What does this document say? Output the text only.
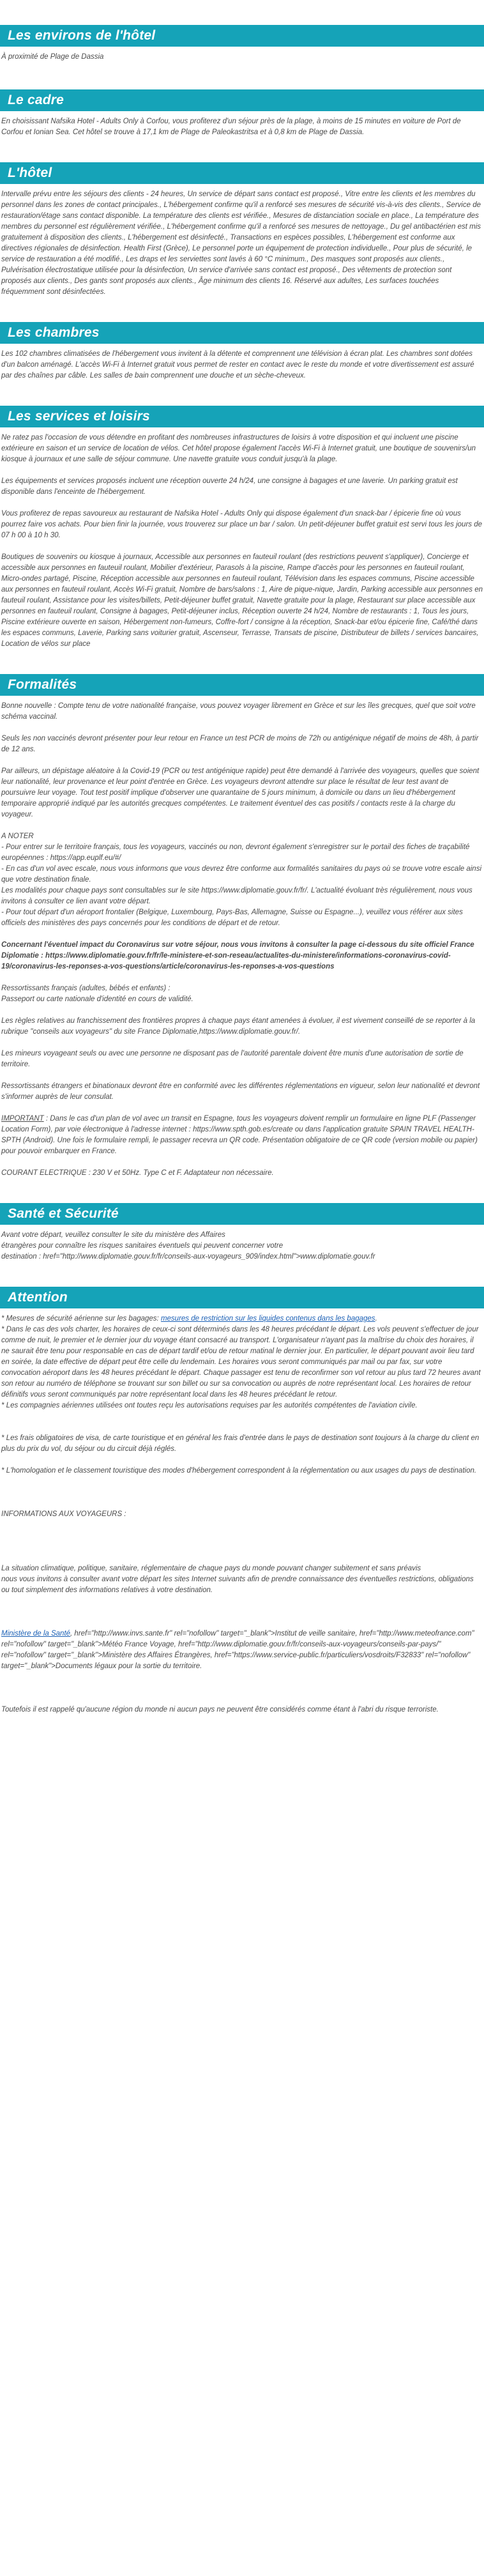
Les environs de l'hôtel

À proximité de Plage de Dassia

Le cadre

En choisissant Nafsika Hotel - Adults Only à Corfou, vous profiterez d'un séjour près de la plage, à moins de 15 minutes en voiture de Port de Corfou et Ionian Sea. Cet hôtel se trouve à 17,1 km de Plage de Paleokastritsa et à 0,8 km de Plage de Dassia.

L'hôtel

Intervalle prévu entre les séjours des clients - 24 heures, Un service de départ sans contact est proposé., Vitre entre les clients et les membres du personnel dans les zones de contact principales., L'hébergement confirme qu'il a renforcé ses mesures de sécurité vis-à-vis des clients., Service de restauration/étage sans contact disponible. La température des clients est vérifiée., Mesures de distanciation sociale en place., La température des membres du personnel est régulièrement vérifiée., L'hébergement confirme qu'il a renforcé ses mesures de nettoyage., Du gel antibactérien est mis gratuitement à disposition des clients., L'hébergement est désinfecté., Transactions en espèces possibles, L'hébergement est conforme aux directives régionales de désinfection. Health First (Grèce), Le personnel porte un équipement de protection individuelle., Pour plus de sécurité, le service de restauration a été modifié., Les draps et les serviettes sont lavés à 60 °C minimum., Des masques sont proposés aux clients., Pulvérisation électrostatique utilisée pour la désinfection, Un service d'arrivée sans contact est proposé., Des vêtements de protection sont proposés aux clients., Des gants sont proposés aux clients., Âge minimum des clients 16. Réservé aux adultes, Les surfaces touchées fréquemment sont désinfectées.

Les chambres

Les 102 chambres climatisées de l'hébergement vous invitent à la détente et comprennent une télévision à écran plat. Les chambres sont dotées d'un balcon aménagé. L'accès Wi-Fi à Internet gratuit vous permet de rester en contact avec le reste du monde et votre divertissement est assuré par des chaînes par câble. Les salles de bain comprennent une douche et un sèche-cheveux.

Les services et loisirs

Ne ratez pas l'occasion de vous détendre en profitant des nombreuses infrastructures de loisirs à votre disposition et qui incluent une piscine extérieure en saison et un service de location de vélos. Cet hôtel propose également l'accès Wi-Fi à Internet gratuit, une boutique de souvenirs/un kiosque à journaux et une salle de séjour commune. Une navette gratuite vous conduit jusqu'à la plage.

Les équipements et services proposés incluent une réception ouverte 24 h/24, une consigne à bagages et une laverie. Un parking gratuit est disponible dans l'enceinte de l'hébergement.

Vous profiterez de repas savoureux au restaurant de Nafsika Hotel - Adults Only qui dispose également d'un snack-bar / épicerie fine où vous pourrez faire vos achats. Pour bien finir la journée, vous trouverez sur place un bar / salon. Un petit-déjeuner buffet gratuit est servi tous les jours de 07 h 00 à 10 h 30.

Boutiques de souvenirs ou kiosque à journaux, Accessible aux personnes en fauteuil roulant (des restrictions peuvent s'appliquer), Concierge et accessible aux personnes en fauteuil roulant, Mobilier d'extérieur, Parasols à la piscine, Rampe d'accès pour les personnes en fauteuil roulant, Micro-ondes partagé, Piscine, Réception accessible aux personnes en fauteuil roulant, Télévision dans les espaces communs, Piscine accessible aux personnes en fauteuil roulant, Accès Wi-Fi gratuit, Nombre de bars/salons : 1, Aire de pique-nique, Jardin, Parking accessible aux personnes en fauteuil roulant, Assistance pour les visites/billets, Petit-déjeuner buffet gratuit, Navette gratuite pour la plage, Restaurant sur place accessible aux personnes en fauteuil roulant, Consigne à bagages, Petit-déjeuner inclus, Réception ouverte 24 h/24, Nombre de restaurants : 1, Tous les jours, Piscine extérieure ouverte en saison, Hébergement non-fumeurs, Coffre-fort / consigne à la réception, Snack-bar et/ou épicerie fine, Café/thé dans les espaces communs, Laverie, Parking sans voiturier gratuit, Ascenseur, Terrasse, Transats de piscine, Distributeur de billets / services bancaires, Location de vélos sur place

Formalités

Bonne nouvelle : Compte tenu de votre nationalité française, vous pouvez voyager librement en Grèce et sur les îles grecques, quel que soit votre schéma vaccinal.

Seuls les non vaccinés devront présenter pour leur retour en France un test PCR de moins de 72h ou antigénique négatif de moins de 48h, à partir de 12 ans.

Par ailleurs, un dépistage aléatoire à la Covid-19 (PCR ou test antigénique rapide) peut être demandé à l'arrivée des voyageurs, quelles que soient leur nationalité, leur provenance et leur point d'entrée en Grèce. Les voyageurs devront attendre sur place le résultat de leur test avant de poursuivre leur voyage. Tout test positif implique d'observer une quarantaine de 5 jours minimum, à domicile ou dans un lieu d'hébergement temporaire approprié indiqué par les autorités grecques compétentes. Le traitement éventuel des cas positifs / contacts reste à la charge du voyageur.

A NOTER

- Pour entrer sur le territoire français, tous les voyageurs, vaccinés ou non, devront également s'enregistrer sur le portail des fiches de traçabilité européennes : https://app.euplf.eu/#/

- En cas d'un vol avec escale, nous vous informons que vous devrez être conforme aux formalités sanitaires du pays où se trouve votre escale ainsi que votre destination finale.

Les modalités pour chaque pays sont consultables sur le site https://www.diplomatie.gouv.fr/fr/. L'actualité évoluant très régulièrement, nous vous invitons à consulter ce lien avant votre départ.

- Pour tout départ d'un aéroport frontalier (Belgique, Luxembourg, Pays-Bas, Allemagne, Suisse ou Espagne...), veuillez vous référer aux sites officiels des ministères des pays concernés pour les conditions de départ et de retour.

Concernant l'éventuel impact du Coronavirus sur votre séjour, nous vous invitons à consulter la page ci-dessous du site officiel France Diplomatie : https://www.diplomatie.gouv.fr/fr/le-ministere-et-son-reseau/actualites-du-ministere/informations-coronavirus-covid-19/coronavirus-les-reponses-a-vos-questions/article/coronavirus-les-reponses-a-vos-questions

Ressortissants français (adultes, bébés et enfants) :
Passeport ou carte nationale d'identité en cours de validité.

Les règles relatives au franchissement des frontières propres à chaque pays étant amenées à évoluer, il est vivement conseillé de se reporter à la rubrique "conseils aux voyageurs" du site France Diplomatie,https://www.diplomatie.gouv.fr/.

Les mineurs voyageant seuls ou avec une personne ne disposant pas de l'autorité parentale doivent être munis d'une autorisation de sortie de territoire.

Ressortissants étrangers et binationaux devront être en conformité avec les différentes réglementations en vigueur, selon leur nationalité et devront s'informer auprès de leur consulat.

IMPORTANT : Dans le cas d'un plan de vol avec un transit en Espagne, tous les voyageurs doivent remplir un formulaire en ligne PLF (Passenger Location Form), par voie électronique à l'adresse internet : https://www.spth.gob.es/create ou dans l'application gratuite SPAIN TRAVEL HEALTH-SPTH (Android). Une fois le formulaire rempli, le passager recevra un QR code. Présentation obligatoire de ce QR code (version mobile ou papier) pour pouvoir embarquer en France.

COURANT ELECTRIQUE : 230 V et 50Hz. Type C et F. Adaptateur non nécessaire.

Santé et Sécurité

Avant votre départ, veuillez consulter le site du ministère des Affaires
étrangères pour connaître les risques sanitaires éventuels qui peuvent concerner votre
destination : href="http://www.diplomatie.gouv.fr/fr/conseils-aux-voyageurs_909/index.html">www.diplomatie.gouv.fr

Attention

* Mesures de sécurité aérienne sur les bagages: mesures de restriction sur les liquides contenus dans les bagages.
* Dans le cas des vols charter, les horaires de ceux-ci sont déterminés dans les 48 heures précédant le départ. Les vols peuvent s'effectuer de jour comme de nuit, le premier et le dernier jour du voyage étant consacré au transport. L'organisateur n'ayant pas la maîtrise du choix des horaires, il ne saurait être tenu pour responsable en cas de départ tardif et/ou de retour matinal le dernier jour. En particulier, le départ pouvant avoir lieu tard en soirée, la date effective de départ peut être celle du lendemain. Les horaires vous seront communiqués par mail ou par fax, sur votre convocation aéroport dans les 48 heures précédant le départ. Chaque passager est tenu de reconfirmer son vol retour au plus tard 72 heures avant son retour au numéro de téléphone se trouvant sur son billet ou sur sa convocation ou auprès de notre représentant local. Les horaires de retour définitifs vous seront communiqués par notre représentant local dans les 48 heures précédant le retour.
* Les compagnies aériennes utilisées ont toutes reçu les autorisations requises par les autorités compétentes de l'aviation civile.

* Les frais obligatoires de visa, de carte touristique et en général les frais d'entrée dans le pays de destination sont toujours à la charge du client en plus du prix du vol, du séjour ou du circuit déjà réglés.

* L'homologation et le classement touristique des modes d'hébergement correspondent à la réglementation ou aux usages du pays de destination.

INFORMATIONS AUX VOYAGEURS :

La situation climatique, politique, sanitaire, réglementaire de chaque pays du monde pouvant changer subitement et sans préavis
nous vous invitons à consulter avant votre départ les sites Internet suivants afin de prendre connaissance des éventuelles restrictions, obligations ou tout simplement des informations relatives à votre destination.

Ministère de la Santé, href="http://www.invs.sante.fr" rel="nofollow" target="_blank">Institut de veille sanitaire, href="http://www.meteofrance.com" rel="nofollow" target="_blank">Météo France Voyage, href="http://www.diplomatie.gouv.fr/fr/conseils-aux-voyageurs/conseils-par-pays/" rel="nofollow" target="_blank">Ministère des Affaires Étrangères, href="https://www.service-public.fr/particuliers/vosdroits/F32833" rel="nofollow" target="_blank">Documents légaux pour la sortie du territoire.

Toutefois il est rappelé qu'aucune région du monde ni aucun pays ne peuvent être considérés comme étant à l'abri du risque terroriste.
